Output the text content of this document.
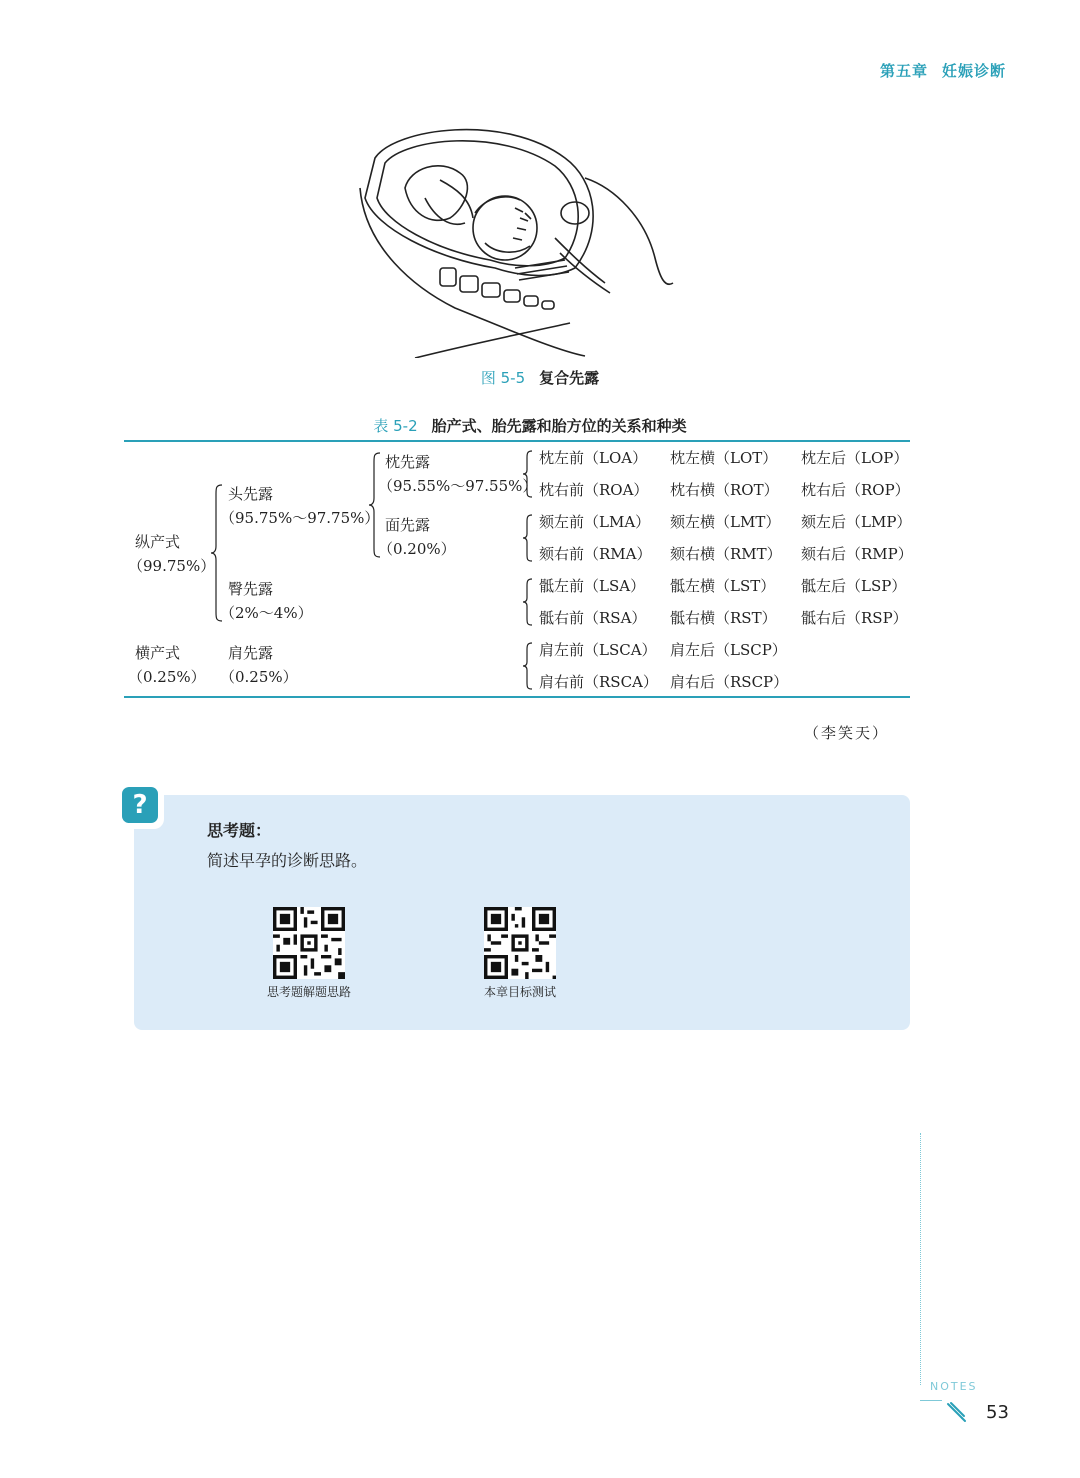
第五章 妊娠诊断
图 5-5 复合先露
表 5-2 胎产式、胎先露和胎方位的关系和种类
纵产式
（99.75%）
横产式
（0.25%）
头先露
（95.75%～97.75%）
臀先露
（2%～4%）
肩先露
（0.25%）
枕先露
（95.55%～97.55%）
面先露
（0.20%）
枕左前（LOA） 枕左横（LOT） 枕左后（LOP）
枕右前（ROA） 枕右横（ROT） 枕右后（ROP）
颏左前（LMA） 颏左横（LMT） 颏左后（LMP）
颏右前（RMA） 颏右横（RMT） 颏右后（RMP）
骶左前（LSA） 骶左横（LST） 骶左后（LSP）
骶右前（RSA） 骶右横（RST） 骶右后（RSP）
肩左前（LSCA） 肩左后（LSCP）
肩右前（RSCA） 肩右后（RSCP）
（李笑天）
?
思考题：
简述早孕的诊断思路。
思考题解题思路	本章目标测试
NOTES
53
